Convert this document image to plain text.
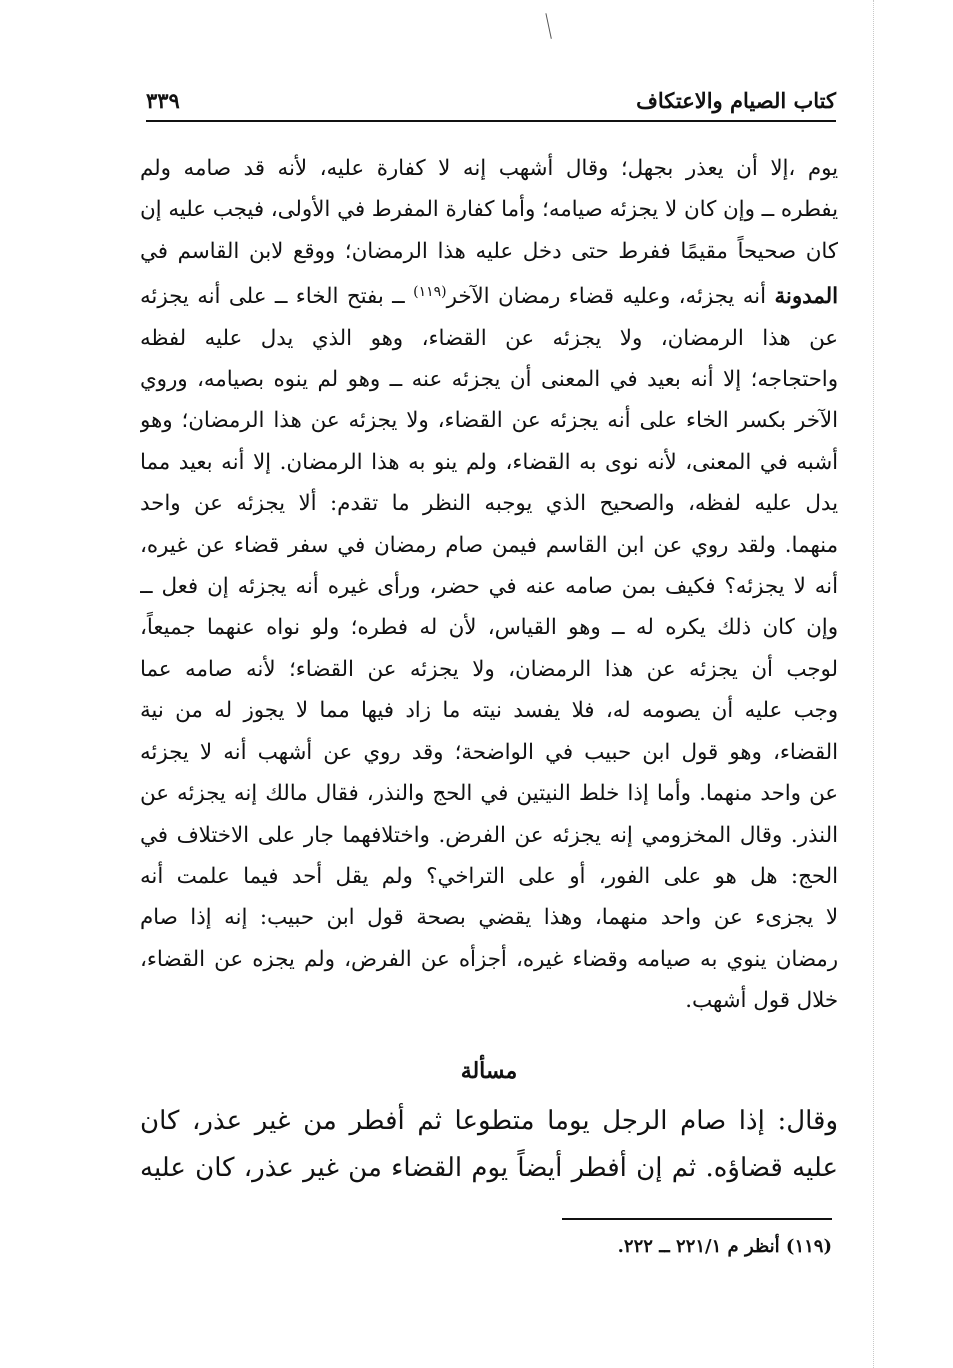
كتاب الصيام والاعتكاف
٣٣٩
يوم ،إلا أن يعذر بجهل؛ وقال أشهب إنه لا كفارة عليه، لأنه قد صامه ولم
يفطره ــ وإن كان لا يجزئه صيامه؛ وأما كفارة المفرط في الأولى، فيجب عليه إن
كان صحيحاً مقيمًا ففرط حتى دخل عليه هذا الرمضان؛ ووقع لابن القاسم في
المدونة أنه يجزئه، وعليه قضاء رمضان الآخر$^{(١١٩)}$ ــ بفتح الخاء ــ على أنه يجزئه
عن هذا الرمضان، ولا يجزئه عن القضاء، وهو الذي يدل عليه لفظه
واحتجاجه؛ إلا أنه بعيد في المعنى أن يجزئه عنه ــ وهو لم ينوه بصيامه، وروي
الآخر بكسر الخاء على أنه يجزئه عن القضاء، ولا يجزئه عن هذا الرمضان؛ وهو
أشبه في المعنى، لأنه نوى به القضاء، ولم ينو به هذا الرمضان. إلا أنه بعيد مما
يدل عليه لفظه، والصحيح الذي يوجبه النظر ما تقدم: ألا يجزئه عن واحد
منهما. ولقد روي عن ابن القاسم فيمن صام رمضان في سفر قضاء عن غيره،
أنه لا يجزئه؟ فكيف بمن صامه عنه في حضر، ورأى غيره أنه يجزئه إن فعل ــ
وإن كان ذلك يكره له ــ وهو القياس، لأن له فطره؛ ولو نواه عنهما جميعاً،
لوجب أن يجزئه عن هذا الرمضان، ولا يجزئه عن القضاء؛ لأنه صامه عما
وجب عليه أن يصومه له، فلا يفسد نيته ما زاد فيها مما لا يجوز له من نية
القضاء، وهو قول ابن حبيب في الواضحة؛ وقد روي عن أشهب أنه لا يجزئه
عن واحد منهما. وأما إذا خلط النيتين في الحج والنذر، فقال مالك إنه يجزئه عن
النذر. وقال المخزومي إنه يجزئه عن الفرض. واختلافهما جار على الاختلاف في
الحج: هل هو على الفور، أو على التراخي؟ ولم يقل أحد فيما علمت أنه
لا يجزىء عن واحد منهما، وهذا يقضي بصحة قول ابن حبيب: إنه إذا صام
رمضان ينوي به صيامه وقضاء غيره، أجزأه عن الفرض، ولم يجزه عن القضاء،
خلال قول أشهب.
مسألة
وقال: إذا صام الرجل يوما متطوعا ثم أفطر من غير عذر، كان
عليه قضاؤه. ثم إن أفطر أيضاً يوم القضاء من غير عذر، كان عليه
(١١٩) أنظر م ٢٢١/١ ــ ٢٢٢.
